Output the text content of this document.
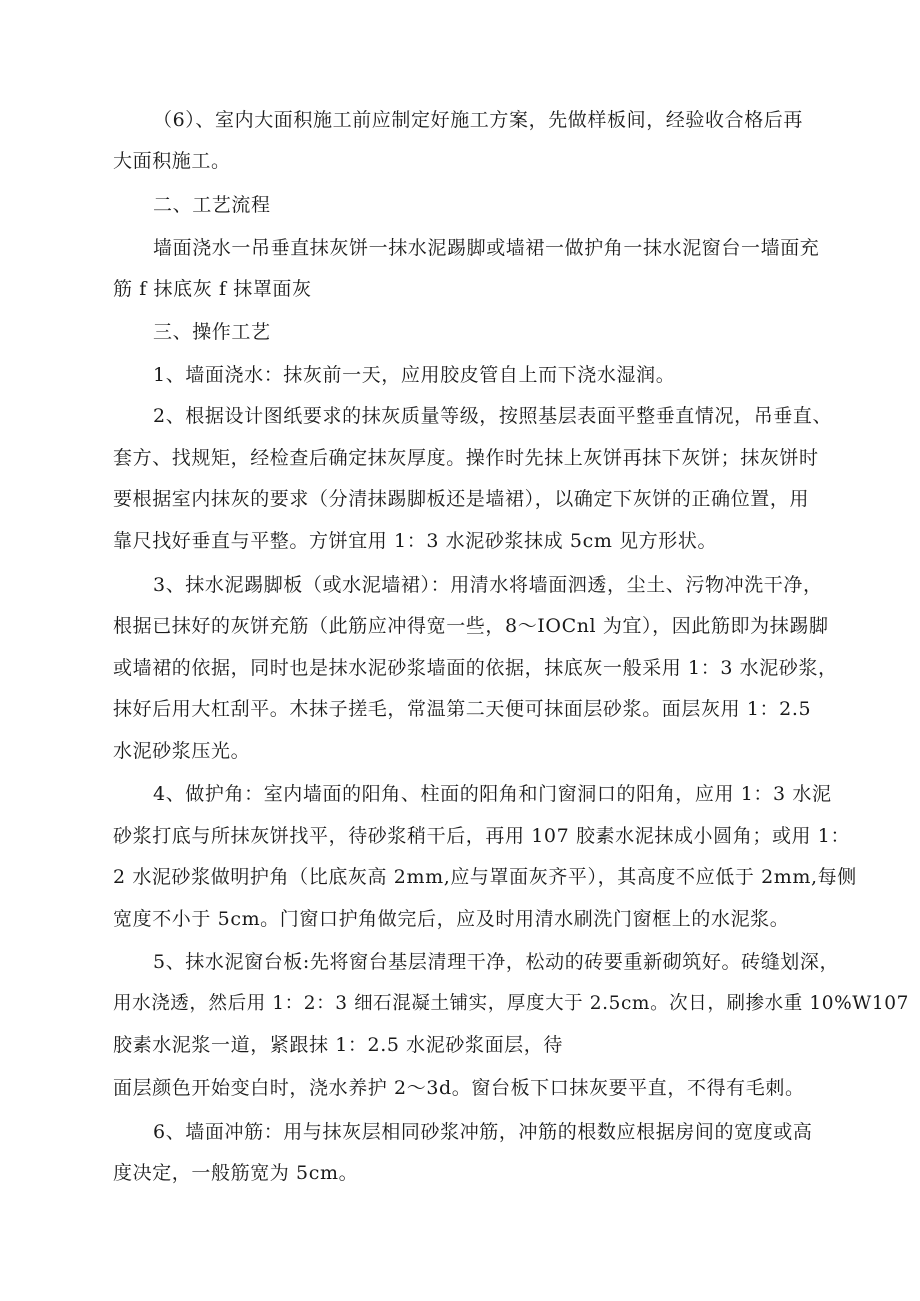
（6）、室内大面积施工前应制定好施工方案，先做样板间，经验收合格后再
大面积施工。
二、工艺流程
墙面浇水一吊垂直抹灰饼一抹水泥踢脚或墙裙一做护角一抹水泥窗台一墙面充
筋 f 抹底灰 f 抹罩面灰
三、操作工艺
1、墙面浇水：抹灰前一天，应用胶皮管自上而下浇水湿润。
2、根据设计图纸要求的抹灰质量等级，按照基层表面平整垂直情况，吊垂直、
套方、找规矩，经检查后确定抹灰厚度。操作时先抹上灰饼再抹下灰饼；抹灰饼时
要根据室内抹灰的要求（分清抹踢脚板还是墙裙），以确定下灰饼的正确位置，用
靠尺找好垂直与平整。方饼宜用 1：3 水泥砂浆抹成 5cm 见方形状。
3、抹水泥踢脚板（或水泥墙裙）：用清水将墙面泗透，尘土、污物冲洗干净，
根据已抹好的灰饼充筋（此筋应冲得宽一些，8～IOCnl 为宜），因此筋即为抹踢脚
或墙裙的依据，同时也是抹水泥砂浆墙面的依据，抹底灰一般采用 1：3 水泥砂浆，
抹好后用大杠刮平。木抹子搓毛，常温第二天便可抹面层砂浆。面层灰用 1：2.5
水泥砂浆压光。
4、做护角：室内墙面的阳角、柱面的阳角和门窗洞口的阳角，应用 1：3 水泥
砂浆打底与所抹灰饼找平，待砂浆稍干后，再用 107 胶素水泥抹成小圆角；或用 1：
2 水泥砂浆做明护角（比底灰高 2mm,应与罩面灰齐平），其高度不应低于 2mm,每侧
宽度不小于 5cm。门窗口护角做完后，应及时用清水刷洗门窗框上的水泥浆。
5、抹水泥窗台板:先将窗台基层清理干净，松动的砖要重新砌筑好。砖缝划深，
用水浇透，然后用 1：2：3 细石混凝土铺实，厚度大于 2.5cm。次日，刷掺水重 10%W107
胶素水泥浆一道，紧跟抹 1：2.5 水泥砂浆面层，待
面层颜色开始变白时，浇水养护 2～3d。窗台板下口抹灰要平直，不得有毛刺。
6、墙面冲筋：用与抹灰层相同砂浆冲筋，冲筋的根数应根据房间的宽度或高
度决定，一般筋宽为 5cm。
